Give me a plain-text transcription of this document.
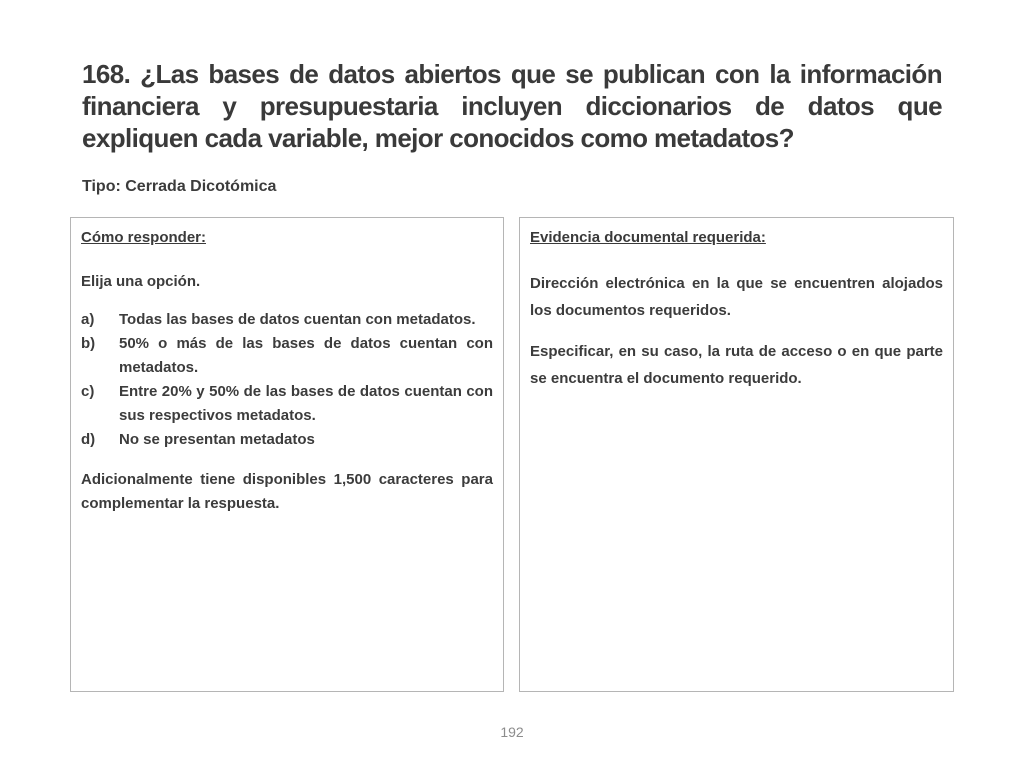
168. ¿Las bases de datos abiertos que se publican con la información financiera y presupuestaria incluyen diccionarios de datos que expliquen cada variable, mejor conocidos como metadatos?
Tipo: Cerrada Dicotómica
Cómo responder:
Elija una opción.
a)	Todas las bases de datos cuentan con metadatos.
b)	50% o más de las bases de datos cuentan con metadatos.
c)	Entre 20% y 50% de las bases de datos cuentan con sus respectivos metadatos.
d)	No se presentan metadatos
Adicionalmente tiene disponibles 1,500 caracteres para complementar la respuesta.
Evidencia documental requerida:
Dirección electrónica en la que se encuentren alojados los documentos requeridos.
Especificar, en su caso, la ruta de acceso o en que parte se encuentra el documento requerido.
192
